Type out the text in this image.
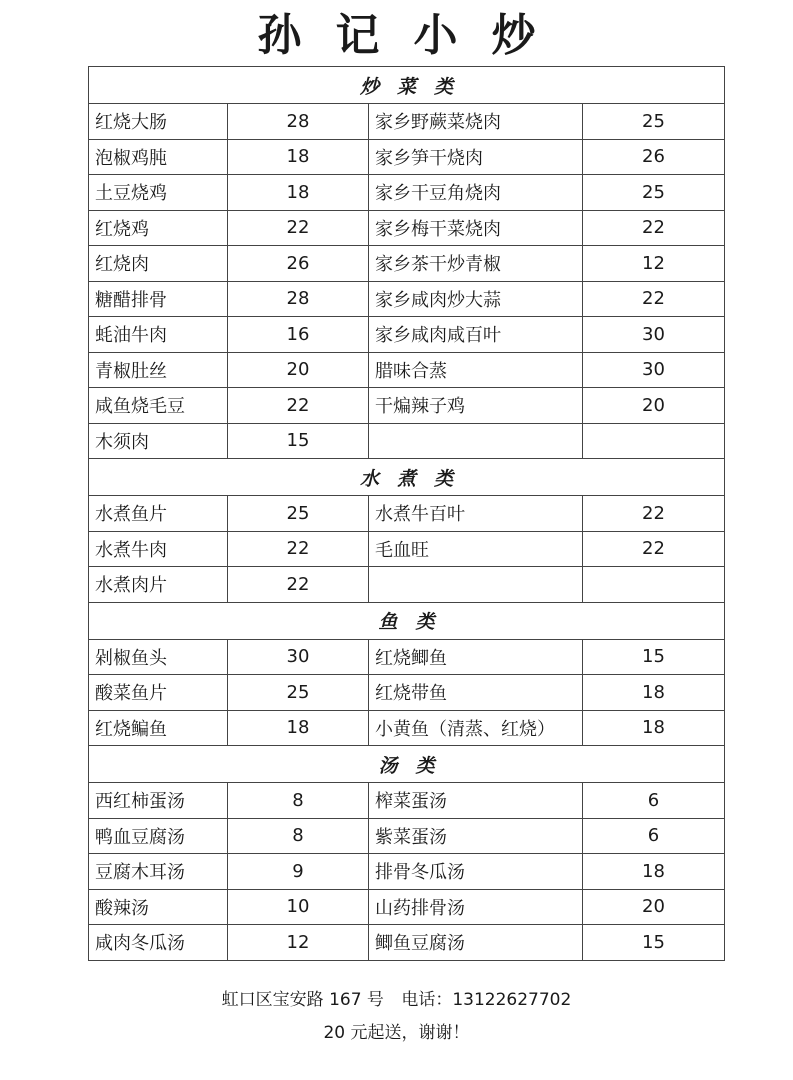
孙记小炒
炒菜类			
红烧大肠	28	家乡野蕨菜烧肉	25
泡椒鸡肫	18	家乡笋干烧肉	26
土豆烧鸡	18	家乡干豆角烧肉	25
红烧鸡	22	家乡梅干菜烧肉	22
红烧肉	26	家乡茶干炒青椒	12
糖醋排骨	28	家乡咸肉炒大蒜	22
蚝油牛肉	16	家乡咸肉咸百叶	30
青椒肚丝	20	腊味合蒸	30
咸鱼烧毛豆	22	干煸辣子鸡	20
木须肉	15		
水煮类			
水煮鱼片	25	水煮牛百叶	22
水煮牛肉	22	毛血旺	22
水煮肉片	22		
鱼类			
剁椒鱼头	30	红烧鲫鱼	15
酸菜鱼片	25	红烧带鱼	18
红烧鳊鱼	18	小黄鱼（清蒸、红烧）	18
汤类			
西红柿蛋汤	8	榨菜蛋汤	6
鸭血豆腐汤	8	紫菜蛋汤	6
豆腐木耳汤	9	排骨冬瓜汤	18
酸辣汤	10	山药排骨汤	20
咸肉冬瓜汤	12	鲫鱼豆腐汤	15
虹口区宝安路 167 号 电话：13122627702
20 元起送，谢谢！
